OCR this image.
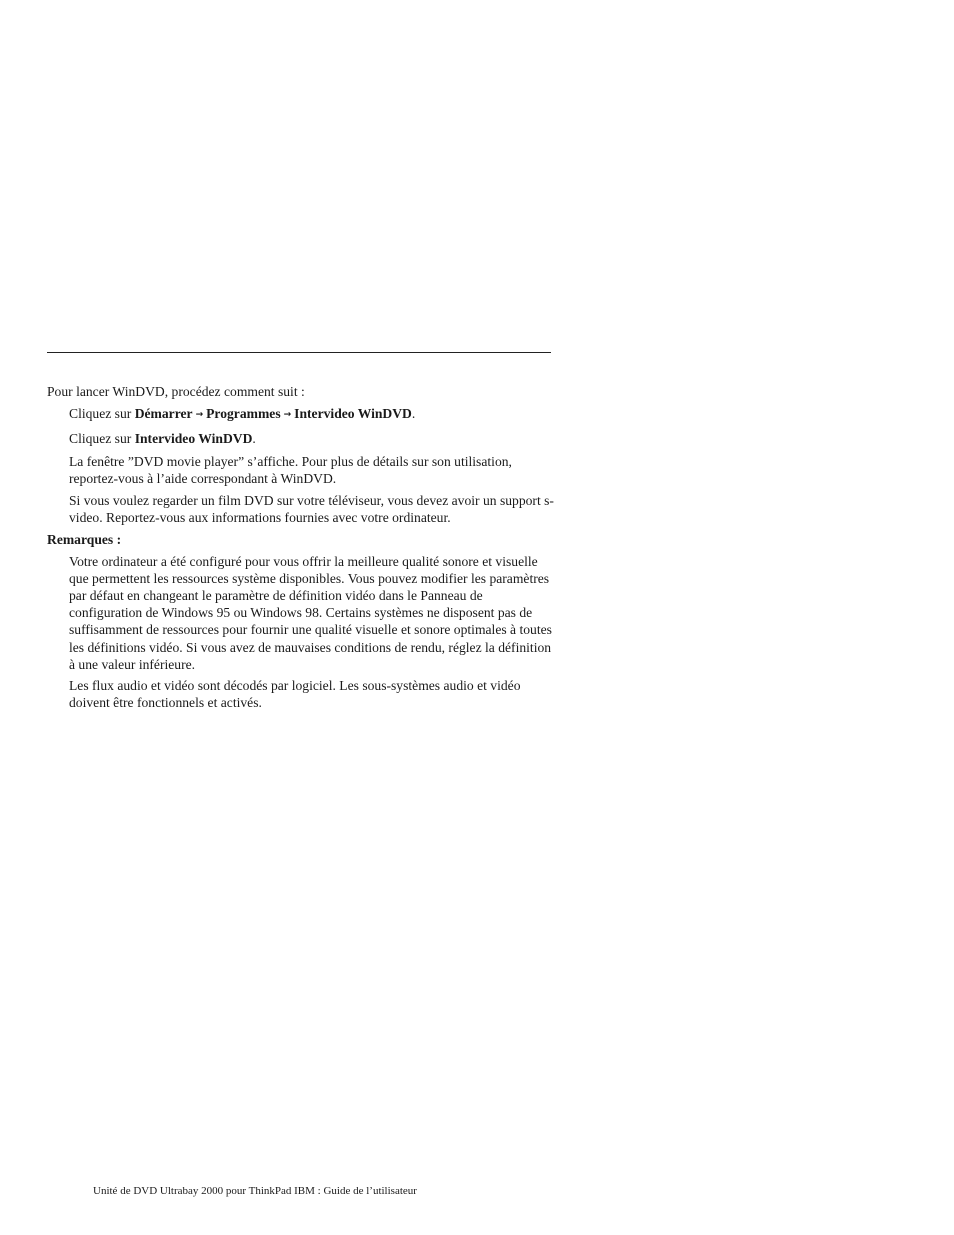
Pour lancer WinDVD, procédez comment suit :

Cliquez sur Démarrer → Programmes → Intervideo WinDVD.

Cliquez sur Intervideo WinDVD.

La fenêtre ”DVD movie player” s’affiche. Pour plus de détails sur son utilisation, reportez-vous à l’aide correspondant à WinDVD.

Si vous voulez regarder un film DVD sur votre téléviseur, vous devez avoir un support s-video. Reportez-vous aux informations fournies avec votre ordinateur.

Remarques :

Votre ordinateur a été configuré pour vous offrir la meilleure qualité sonore et visuelle que permettent les ressources système disponibles. Vous pouvez modifier les paramètres par défaut en changeant le paramètre de définition vidéo dans le Panneau de configuration de Windows 95 ou Windows 98. Certains systèmes ne disposent pas de suffisamment de ressources pour fournir une qualité visuelle et sonore optimales à toutes les définitions vidéo. Si vous avez de mauvaises conditions de rendu, réglez la définition à une valeur inférieure.

Les flux audio et vidéo sont décodés par logiciel. Les sous-systèmes audio et vidéo doivent être fonctionnels et activés.

Unité de DVD Ultrabay 2000 pour ThinkPad IBM : Guide de l’utilisateur
